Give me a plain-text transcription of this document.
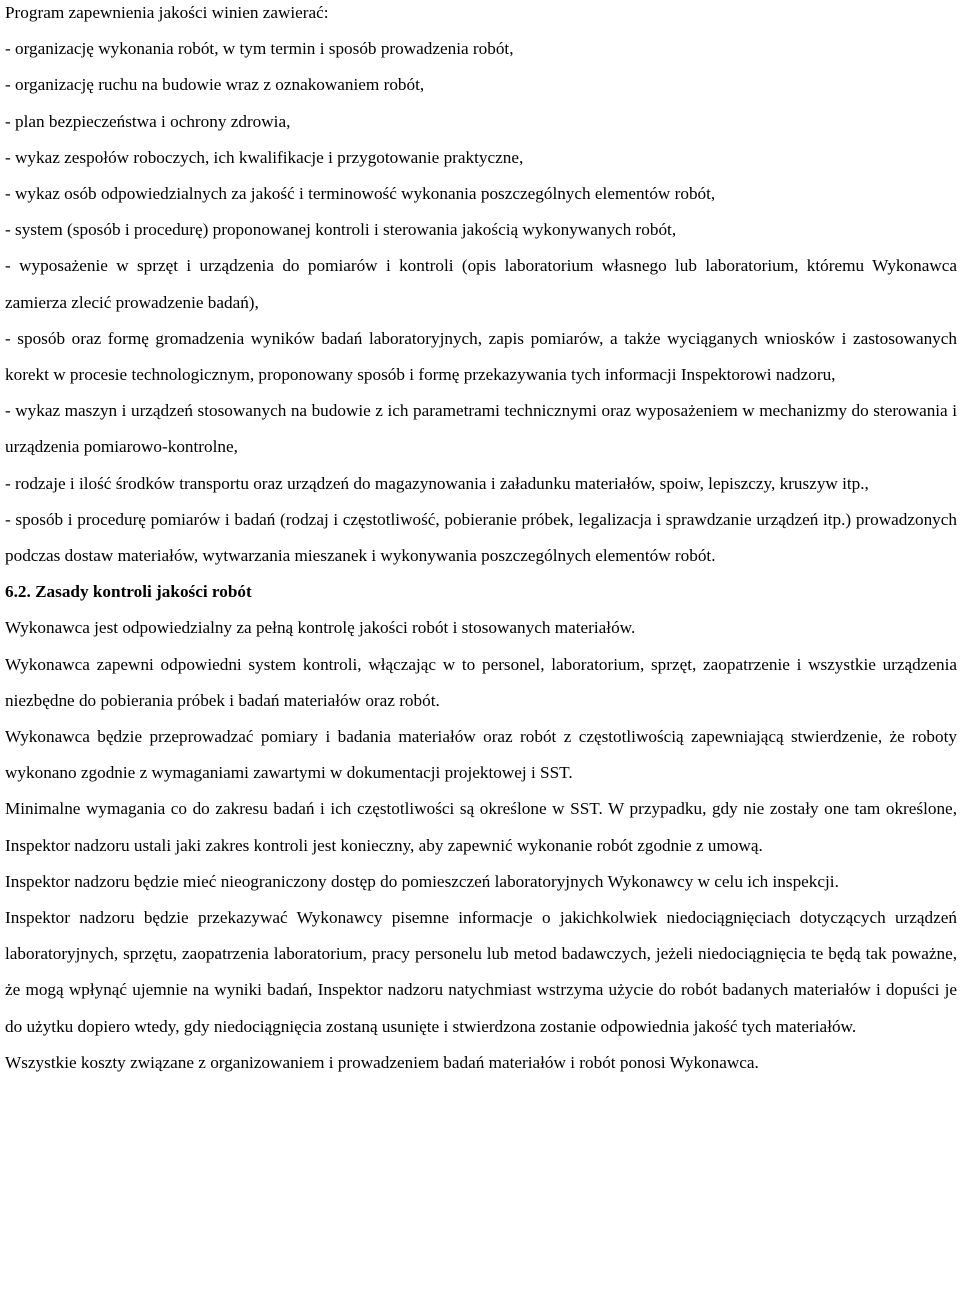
Program zapewnienia jakości winien zawierać:

- organizację wykonania robót, w tym termin i sposób prowadzenia robót,

- organizację ruchu na budowie wraz z oznakowaniem robót,

- plan bezpieczeństwa i ochrony zdrowia,

- wykaz zespołów roboczych, ich kwalifikacje i przygotowanie praktyczne,

- wykaz osób odpowiedzialnych za jakość i terminowość wykonania poszczególnych elementów robót,

- system (sposób i procedurę) proponowanej kontroli i sterowania jakością wykonywanych robót,

- wyposażenie w sprzęt i urządzenia do pomiarów i kontroli (opis laboratorium własnego lub laboratorium, któremu Wykonawca zamierza zlecić prowadzenie badań),

- sposób oraz formę gromadzenia wyników badań laboratoryjnych, zapis pomiarów, a także wyciąganych wniosków i zastosowanych korekt w procesie technologicznym, proponowany sposób i formę przekazywania tych informacji Inspektorowi nadzoru,

- wykaz maszyn i urządzeń stosowanych na budowie z ich parametrami technicznymi oraz wyposażeniem w mechanizmy do sterowania i urządzenia pomiarowo-kontrolne,

- rodzaje i ilość środków transportu oraz urządzeń do magazynowania i załadunku materiałów, spoiw, lepiszczy, kruszyw itp.,

- sposób i procedurę pomiarów i badań (rodzaj i częstotliwość, pobieranie próbek, legalizacja i sprawdzanie urządzeń itp.) prowadzonych podczas dostaw materiałów, wytwarzania mieszanek i wykonywania poszczególnych elementów robót.

6.2. Zasady kontroli jakości robót

Wykonawca jest odpowiedzialny za pełną kontrolę jakości robót i stosowanych materiałów.

Wykonawca zapewni odpowiedni system kontroli, włączając w to personel, laboratorium, sprzęt, zaopatrzenie i wszystkie urządzenia niezbędne do pobierania próbek i badań materiałów oraz robót.

Wykonawca będzie przeprowadzać pomiary i badania materiałów oraz robót z częstotliwością zapewniającą stwierdzenie, że roboty wykonano zgodnie z wymaganiami zawartymi w dokumentacji projektowej i SST.

Minimalne wymagania co do zakresu badań i ich częstotliwości są określone w SST. W przypadku, gdy nie zostały one tam określone, Inspektor nadzoru ustali jaki zakres kontroli jest konieczny, aby zapewnić wykonanie robót zgodnie z umową.

Inspektor nadzoru będzie mieć nieograniczony dostęp do pomieszczeń laboratoryjnych Wykonawcy w celu ich inspekcji.

Inspektor nadzoru będzie przekazywać Wykonawcy pisemne informacje o jakichkolwiek niedociągnięciach dotyczących urządzeń laboratoryjnych, sprzętu, zaopatrzenia laboratorium, pracy personelu lub metod badawczych, jeżeli niedociągnięcia te będą tak poważne, że mogą wpłynąć ujemnie na wyniki badań, Inspektor nadzoru natychmiast wstrzyma użycie do robót badanych materiałów i dopuści je do użytku dopiero wtedy, gdy niedociągnięcia zostaną usunięte i stwierdzona zostanie odpowiednia jakość tych materiałów.

Wszystkie koszty związane z organizowaniem i prowadzeniem badań materiałów i robót ponosi Wykonawca.
